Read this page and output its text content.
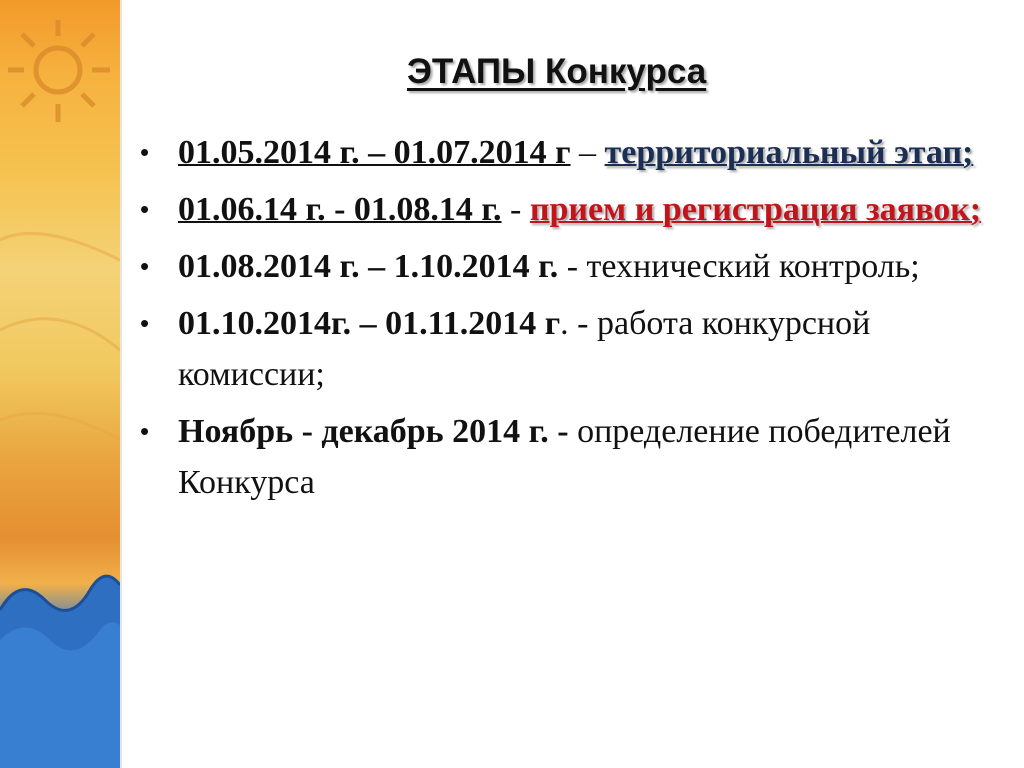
ЭТАПЫ Конкурса
• 01.05.2014 г. – 01.07.2014 г – территориальный этап;
• 01.06.14 г. - 01.08.14 г. - прием и регистрация заявок;
• 01.08.2014 г. – 1.10.2014 г. - технический контроль;
• 01.10.2014г. – 01.11.2014 г. - работа конкурсной комиссии;
• Ноябрь - декабрь 2014 г. - определение победителей Конкурса
